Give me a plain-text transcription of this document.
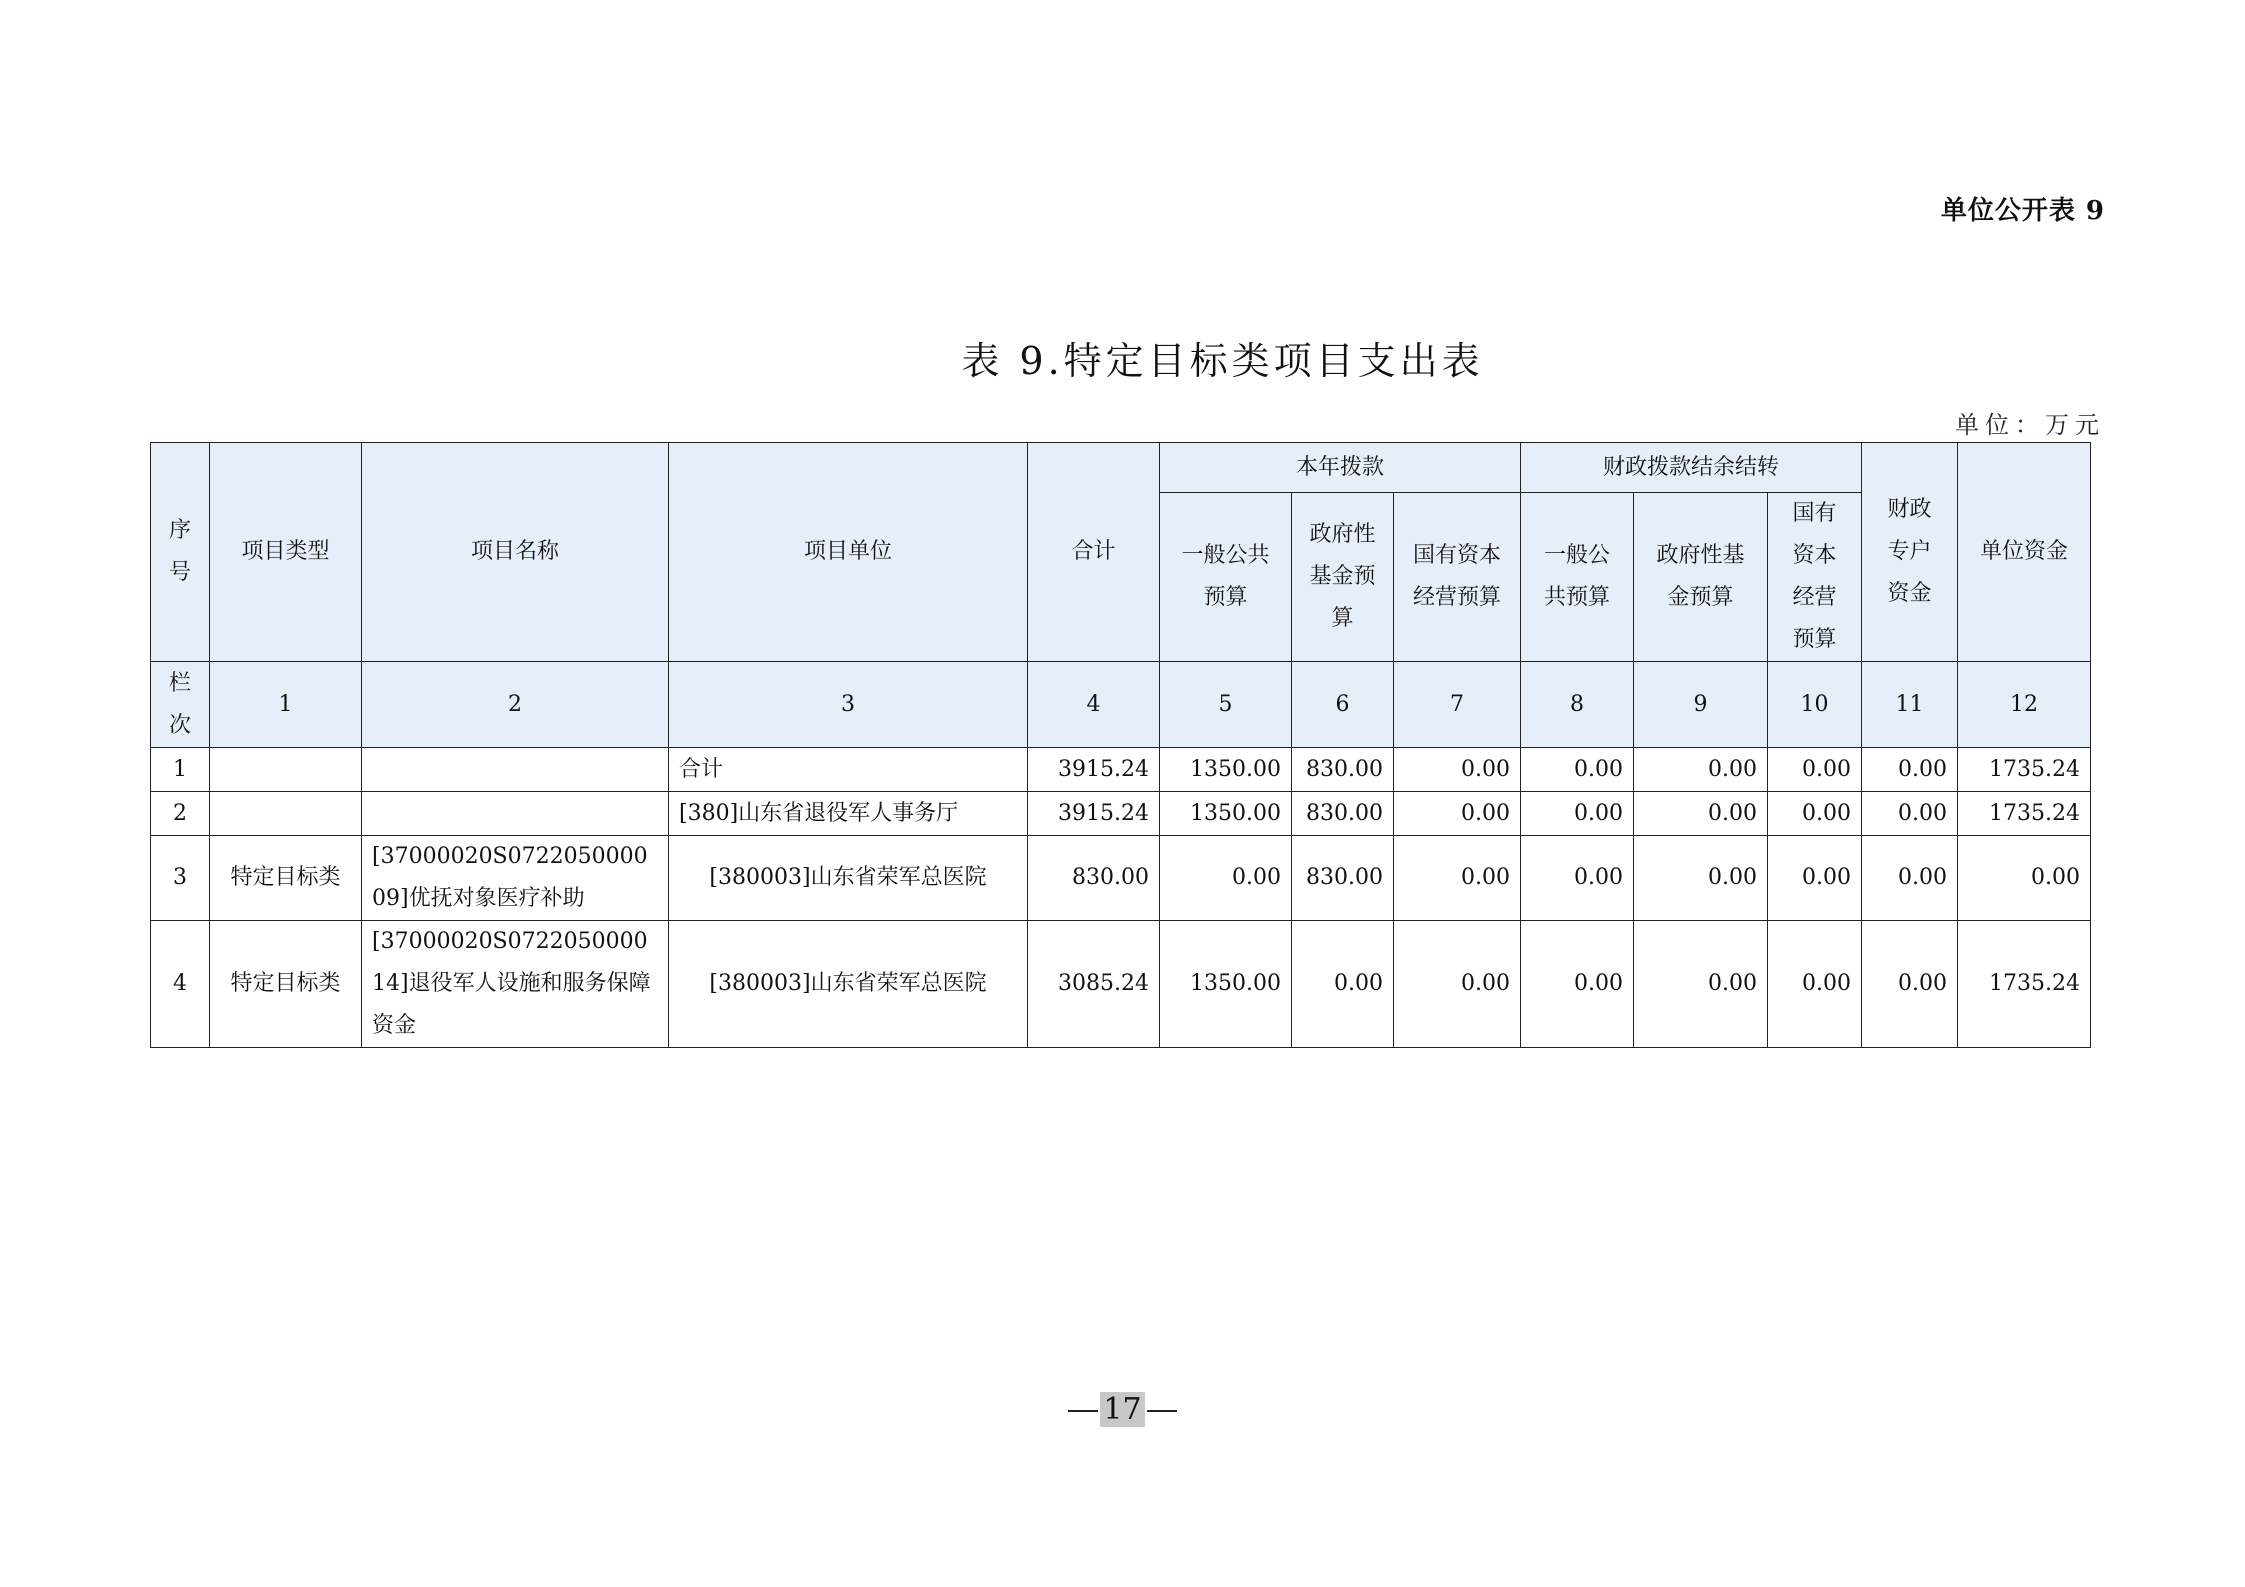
单位公开表 9
表 9.特定目标类项目支出表
单位：万元
序号	项目类型	项目名称	项目单位	合计	本年拨款			财政拨款结余结转			财政专户资金	单位资金
					一般公共预算	政府性基金预算	国有资本经营预算	一般公共预算	政府性基金预算	国有资本经营预算		
栏次	1	2	3	4	5	6	7	8	9	10	11	12
1			合计	3915.24	1350.00	830.00	0.00	0.00	0.00	0.00	0.00	1735.24
2			[380]山东省退役军人事务厅	3915.24	1350.00	830.00	0.00	0.00	0.00	0.00	0.00	1735.24
3	特定目标类	[37000020S072205000009]优抚对象医疗补助	[380003]山东省荣军总医院	830.00	0.00	830.00	0.00	0.00	0.00	0.00	0.00	0.00
4	特定目标类	[37000020S072205000014]退役军人设施和服务保障资金	[380003]山东省荣军总医院	3085.24	1350.00	0.00	0.00	0.00	0.00	0.00	0.00	1735.24
17
